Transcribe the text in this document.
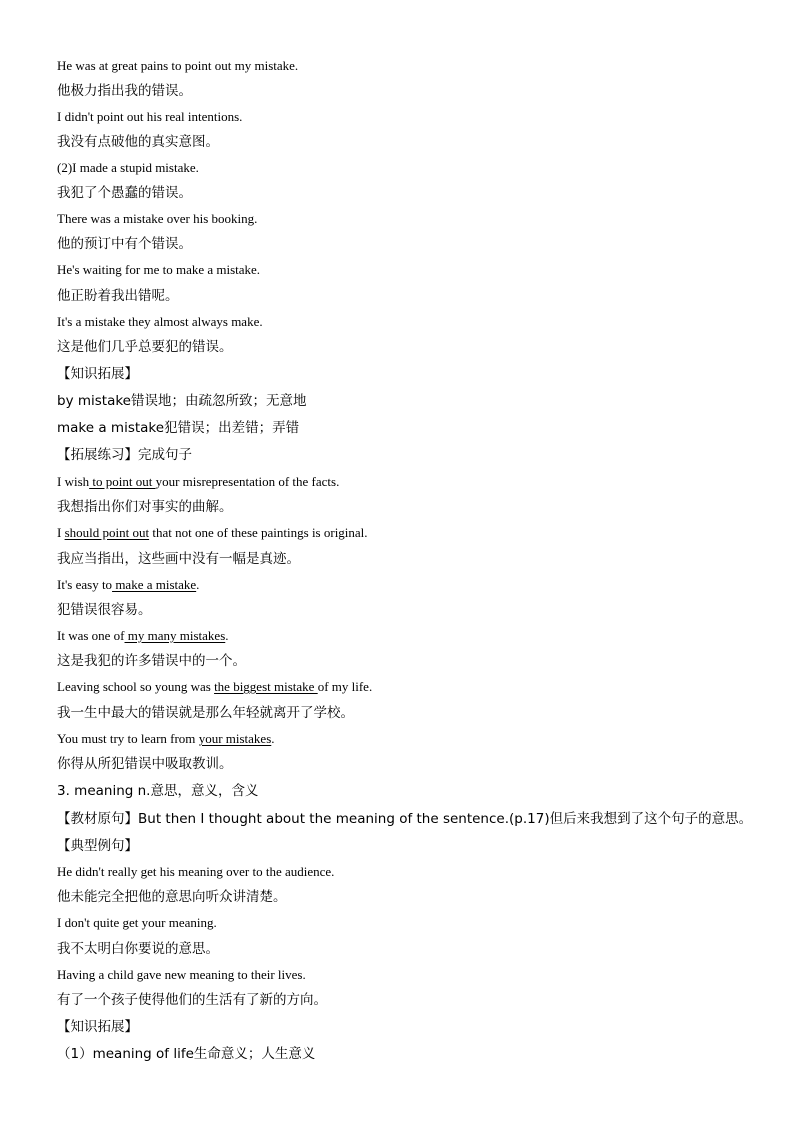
He was at great pains to point out my mistake.
他极力指出我的错误。
I didn't point out his real intentions.
我没有点破他的真实意图。
(2)I made a stupid mistake.
我犯了个愚蠢的错误。
There was a mistake over his booking.
他的预订中有个错误。
He's waiting for me to make a mistake.
他正盼着我出错呢。
It's a mistake they almost always make.
这是他们几乎总要犯的错误。
【知识拓展】
by mistake错误地；由疏忽所致；无意地
make a mistake犯错误；出差错；弄错
【拓展练习】完成句子
I wish to point out your misrepresentation of the facts.
我想指出你们对事实的曲解。
I should point out that not one of these paintings is original.
我应当指出，这些画中没有一幅是真迹。
It's easy to make a mistake.
犯错误很容易。
It was one of my many mistakes.
这是我犯的许多错误中的一个。
Leaving school so young was the biggest mistake of my life.
我一生中最大的错误就是那么年轻就离开了学校。
You must try to learn from your mistakes.
你得从所犯错误中吸取教训。
3. meaning n.意思，意义，含义
【教材原句】But then I thought about the meaning of the sentence.(p.17)但后来我想到了这个句子的意思。
【典型例句】
He didn't really get his meaning over to the audience.
他未能完全把他的意思向听众讲清楚。
I don't quite get your meaning.
我不太明白你要说的意思。
Having a child gave new meaning to their lives.
有了一个孩子使得他们的生活有了新的方向。
【知识拓展】
（1）meaning of life生命意义；人生意义
